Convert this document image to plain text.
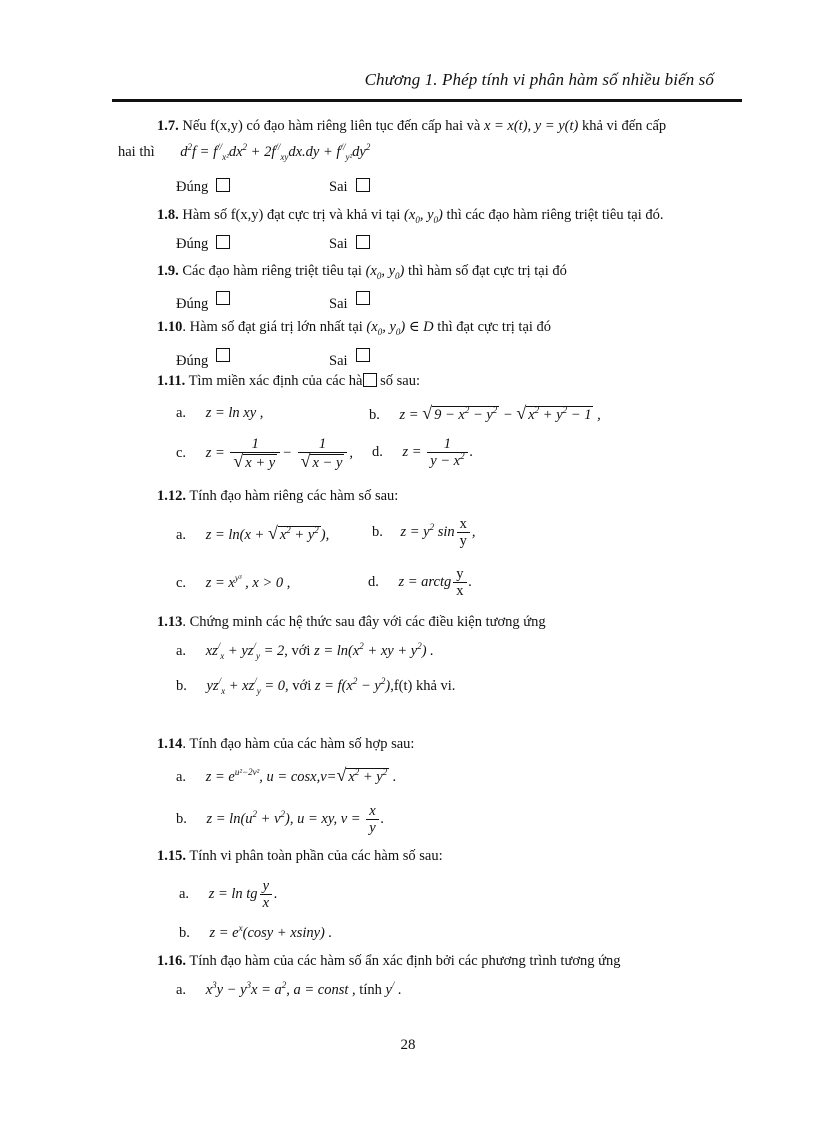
Chương 1. Phép tính vi phân hàm số nhiều biến số
1.7. Nếu f(x,y) có đạo hàm riêng liên tục đến cấp hai và x = x(t), y = y(t) khả vi đến cấp
hai thì $d^2f = f^{//}_{x^2}dx^2 + 2f^{//}_{xy}dx.dy + f^{//}_{y^2}dy^2$
Đúng	Sai
1.8. Hàm số f(x,y) đạt cực trị và khả vi tại ($x_0$, $y_0$) thì các đạo hàm riêng triệt tiêu tại đó.
Đúng	Sai
1.9. Các đạo hàm riêng triệt tiêu tại ($x_0$, $y_0$) thì hàm số đạt cực trị tại đó
Đúng	Sai
1.10. Hàm số đạt giá trị lớn nhất tại ($x_0$, $y_0$) ∈ D thì đạt cực trị tại đó
Đúng	Sai
1.11. Tìm miền xác định của các hà số sau:
a. z = ln xy ,	b. z = √ $9 - x^2 - y^2$ − √ $x^2 + y^2 - 1$ ,
c. $z = \frac{1}{√ x + y} - \frac{1}{√ x - y}$ , d. $z = \frac{1}{y - x^2}$ .
1.12. Tính đạo hàm riêng các hàm số sau:
a. z = ln(x + √ $x^2 + y^2$ ),	b. $z = y^2$ $\sin \frac{x}{y}$ ,
c. $z = x^{y^3}$ , x > 0 ,	d. z = arctg $\frac{y}{x}$ .
1.13. Chứng minh các hệ thức sau đây với các điều kiện tương ứng
a. $xz^/_x + yz^/_y = 2$, với $z = \ln(x^2$ + xy + $y^2$) .
b. $yz^/_x + xz^/_y = 0$, với $z = f(x^2 - y^2),f(t)$ khả vi.
1.14. Tính đạo hàm của các hàm số hợp sau:
a. $z = e^{u^2-2v^2}$, u = cosx,v=√ $x^2 + y^2$ .
b. $z = \ln(u^2 + v^2)$, u = xy, $v = \frac{x}{y}$ .
1.15. Tính vi phân toàn phần của các hàm số sau:
a. z = ln tg $\frac{y}{x}$ .
b. $z = e^x(\cos y + xsiny)$ .
1.16. Tính đạo hàm của các hàm số ẩn xác định bởi các phương trình tương ứng
a. $x^3y - y^3x = a^2$, a = const , tính y/ .
28
